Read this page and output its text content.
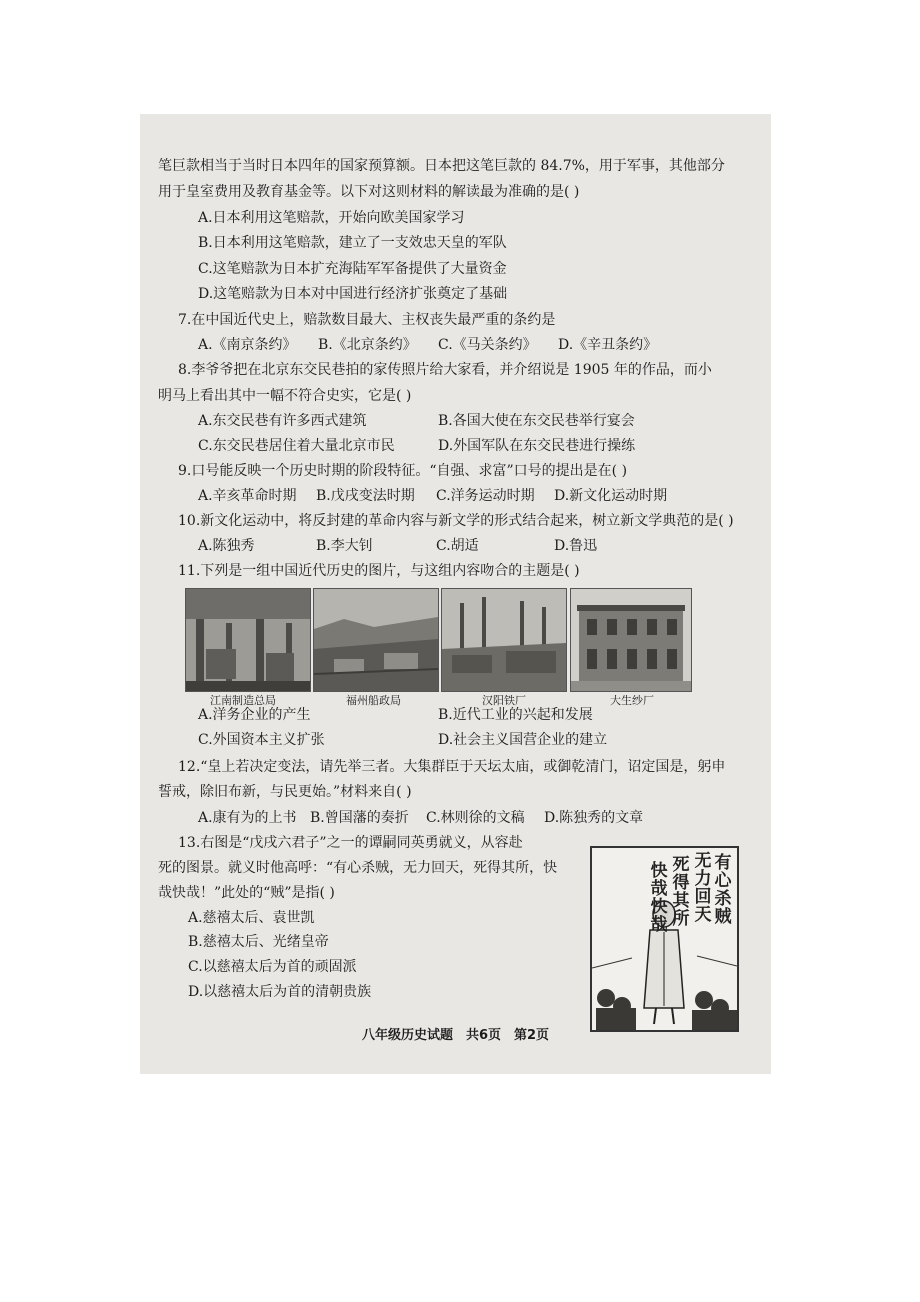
笔巨款相当于当时日本四年的国家预算额。日本把这笔巨款的 84.7%，用于军事，其他部分
用于皇室费用及教育基金等。以下对这则材料的解读最为准确的是( )
A.日本利用这笔赔款，开始向欧美国家学习
B.日本利用这笔赔款，建立了一支效忠天皇的军队
C.这笔赔款为日本扩充海陆军军备提供了大量资金
D.这笔赔款为日本对中国进行经济扩张奠定了基础
7.在中国近代史上，赔款数目最大、主权丧失最严重的条约是
A.《南京条约》 B.《北京条约》 C.《马关条约》 D.《辛丑条约》
8.李爷爷把在北京东交民巷拍的家传照片给大家看，并介绍说是 1905 年的作品，而小
明马上看出其中一幅不符合史实，它是( )
A.东交民巷有许多西式建筑	B.各国大使在东交民巷举行宴会
C.东交民巷居住着大量北京市民	D.外国军队在东交民巷进行操练
9.口号能反映一个历史时期的阶段特征。“自强、求富”口号的提出是在( )
A.辛亥革命时期 B.戊戌变法时期 C.洋务运动时期 D.新文化运动时期
10.新文化运动中，将反封建的革命内容与新文学的形式结合起来，树立新文学典范的是( )
A.陈独秀	B.李大钊	C.胡适	D.鲁迅
11.下列是一组中国近代历史的图片，与这组内容吻合的主题是( )
江南制造总局	福州船政局	汉阳铁厂	大生纱厂
A.洋务企业的产生	B.近代工业的兴起和发展
C.外国资本主义扩张	D.社会主义国营企业的建立
12.“皇上若决定变法，请先举三者。大集群臣于天坛太庙，或御乾清门，诏定国是，躬申
誓戒，除旧布新，与民更始。”材料来自( )
A.康有为的上书 B.曾国藩的奏折 C.林则徐的文稿 D.陈独秀的文章
13.右图是“戊戌六君子”之一的谭嗣同英勇就义，从容赴
死的图景。就义时他高呼：“有心杀贼，无力回天，死得其所，快
哉快哉！”此处的“贼”是指( )
A.慈禧太后、袁世凯
B.慈禧太后、光绪皇帝
C.以慈禧太后为首的顽固派
D.以慈禧太后为首的清朝贵族
有心杀贼
无力回天
死得其所
快哉快哉
八年级历史试题　共6页　第2页
